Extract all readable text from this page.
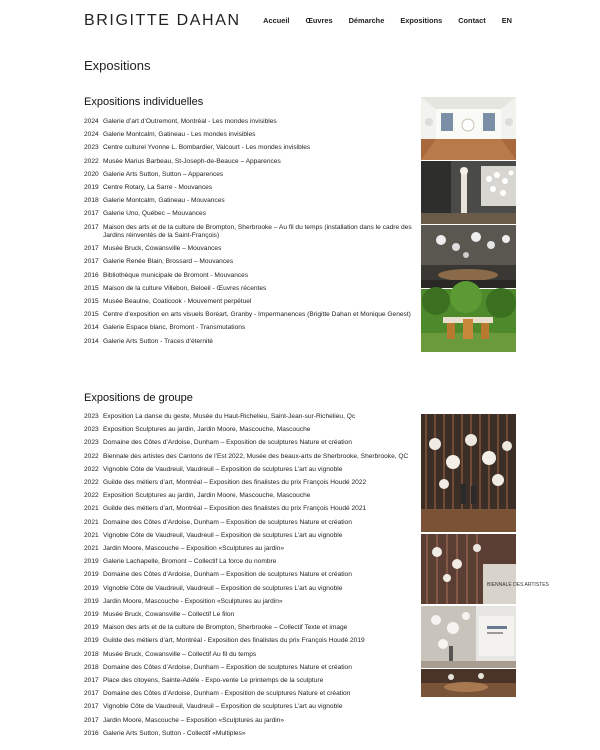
BRIGITTE DAHAN	Accueil Œuvres Démarche Expositions Contact EN
Expositions
Expositions individuelles
2024 Galerie d’art d’Outremont, Montréal - Les mondes invisibles
2024 Galerie Montcalm, Gatineau - Les mondes invisibles
2023 Centre culturel Yvonne L. Bombardier, Valcourt - Les mondes invisibles
2022 Musée Marius Barbeau, St-Joseph-de-Beauce – Apparences
2020 Galerie Arts Sutton, Sutton – Apparences
2019 Centre Rotary, La Sarre - Mouvances
2018 Galerie Montcalm, Gatineau - Mouvances
2017 Galerie Uno, Québec – Mouvances
2017 Maison des arts et de la culture de Brompton, Sherbrooke – Au fil du temps (installation dans le cadre des Jardins réinventés de la Saint-François)
2017 Musée Bruck, Cowansville – Mouvances
2017 Galerie Renée Blain, Brossard – Mouvances
2016 Bibliothèque municipale de Bromont - Mouvances
2015 Maison de la culture Villebon, Beloeil - Œuvres récentes
2015 Musée Beaulne, Coaticook - Mouvement perpétuel
2015 Centre d’exposition en arts visuels Boréart, Granby - Impermanences (Brigitte Dahan et Monique Genest)
2014 Galerie Espace blanc, Bromont - Transmutations
2014 Galerie Arts Sutton - Traces d’éternité
Expositions de groupe
2023 Exposition La danse du geste, Musée du Haut-Richelieu, Saint-Jean-sur-Richelieu, Qc
2023 Exposition Sculptures au jardin, Jardin Moore, Mascouche, Mascouche
2023 Domaine des Côtes d’Ardoise, Dunham – Exposition de sculptures Nature et création
2022 Biennale des artistes des Cantons de l’Est 2022, Musée des beaux-arts de Sherbrooke, Sherbrooke, QC
2022 Vignoble Côte de Vaudreuil, Vaudreuil – Exposition de sculptures L’art au vignoble
2022 Guilde des métiers d’art, Montréal – Exposition des finalistes du prix François Houdé 2022
2022 Exposition Sculptures au jardin, Jardin Moore, Mascouche, Mascouche
2021 Guilde des métiers d’art, Montréal – Exposition des finalistes du prix François Houdé 2021
2021 Domaine des Côtes d’Ardoise, Dunham – Exposition de sculptures Nature et création
2021 Vignoble Côte de Vaudreuil, Vaudreuil – Exposition de sculptures L’art au vignoble
2021 Jardin Moore, Mascouche – Exposition «Sculptures au jardin»
2019 Galerie Lachapelle, Bromont – Collectif La force du nombre
2019 Domaine des Côtes d’Ardoise, Dunham – Exposition de sculptures Nature et création
2019 Vignoble Côte de Vaudreuil, Vaudreuil – Exposition de sculptures L’art au vignoble
2019 Jardin Moore, Mascouche - Exposition «Sculptures au jardin»
2019 Musée Bruck, Cowansville – Collectif Le filon
2019 Maison des arts et de la culture de Brompton, Sherbrooke – Collectif Texte et image
2019 Guilde des métiers d’art, Montréal - Exposition des finalistes du prix François Houdé 2019
2018 Musée Bruck, Cowansville – Collectif Au fil du temps
2018 Domaine des Côtes d’Ardoise, Dunham – Exposition de sculptures Nature et création
2017 Place des citoyens, Sainte-Adèle - Expo-vente Le printemps de la sculpture
2017 Domaine des Côtes d’Ardoise, Dunham - Exposition de sculptures Nature et création
2017 Vignoble Côte de Vaudreuil, Vaudreuil – Exposition de sculptures L’art au vignoble
2017 Jardin Moore, Mascouche – Exposition «Sculptures au jardin»
2016 Galerie Arts Sutton, Sutton - Collectif «Multiples»
BIENNALE DES ARTISTES
